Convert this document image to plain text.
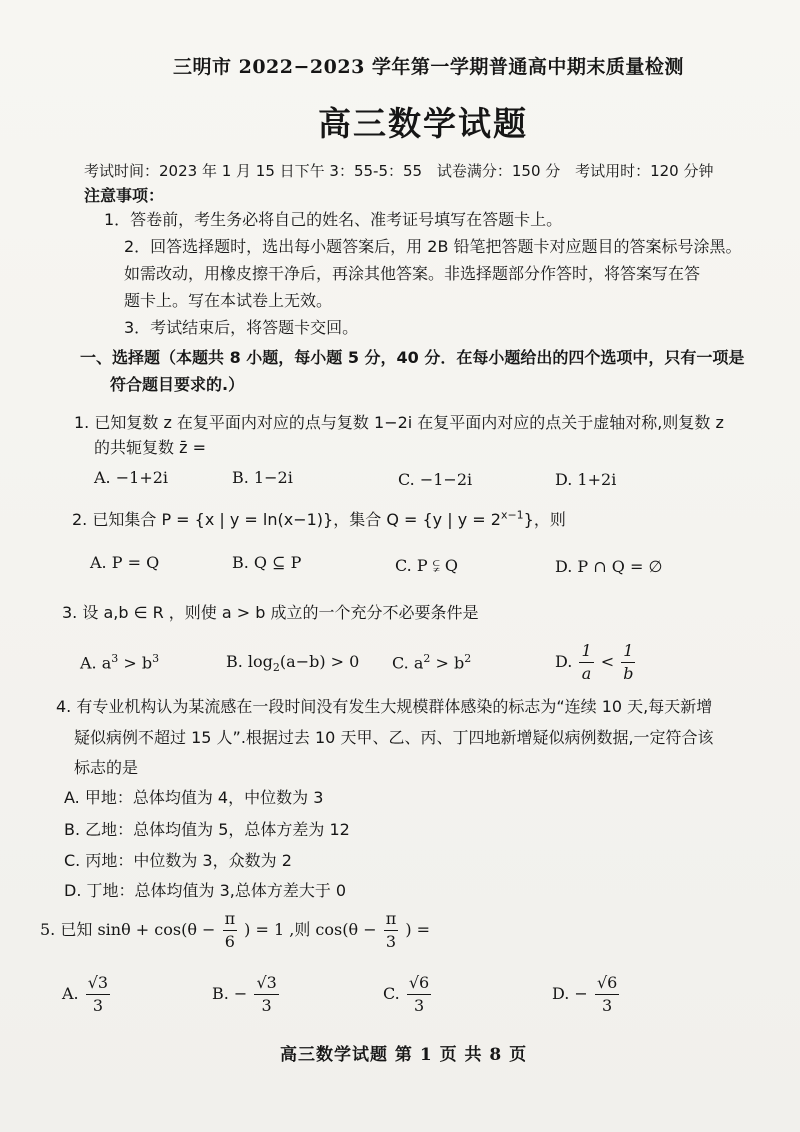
三明市 2022−2023 学年第一学期普通高中期末质量检测
高三数学试题
考试时间：2023 年 1 月 15 日下午 3：55-5：55 试卷满分：150 分 考试用时：120 分钟
注意事项：
1．答卷前，考生务必将自己的姓名、准考证号填写在答题卡上。
2．回答选择题时，选出每小题答案后，用 2B 铅笔把答题卡对应题目的答案标号涂黑。
如需改动，用橡皮擦干净后，再涂其他答案。非选择题部分作答时，将答案写在答
题卡上。写在本试卷上无效。
3．考试结束后，将答题卡交回。
一、选择题（本题共 8 小题，每小题 5 分，40 分．在每小题给出的四个选项中，只有一项是
符合题目要求的.）
1. 已知复数 z 在复平面内对应的点与复数 1−2i 在复平面内对应的点关于虚轴对称,则复数 z
的共轭复数 z̄ =
A. −1+2i	B. 1−2i	C. −1−2i	D. 1+2i
2. 已知集合 P = {x | y = ln(x−1)}，集合 Q = {y | $y = 2^{x-1}$}，则
A. P = Q	B. Q ⊆ P	C. P ⫋ Q	D. P ∩ Q = ∅
3. 设 a,b ∈ R ，则使 a > b 成立的一个充分不必要条件是
A. $a^3 > b^3$	B. $\log_2(a-b) > 0$ C. $a^2 > b^2$	D. $\frac{1}{a} < \frac{1}{b}$
4. 有专业机构认为某流感在一段时间没有发生大规模群体感染的标志为“连续 10 天,每天新增
疑似病例不超过 15 人”.根据过去 10 天甲、乙、丙、丁四地新增疑似病例数据,一定符合该
标志的是
A. 甲地：总体均值为 4，中位数为 3
B. 乙地：总体均值为 5，总体方差为 12
C. 丙地：中位数为 3，众数为 2
D. 丁地：总体均值为 3,总体方差大于 0
5. 已知 $\sin\theta + \cos(\theta - \frac{\pi}{6}$ ) = 1 ,则 $\cos(\theta - \frac{\pi}{3}$ ) =
A. $\frac{√3}{3}$	B. − $\frac{√3}{3}$	C. $\frac{√6}{3}$	D. − $\frac{√6}{3}$
高三数学试题 第 1 页 共 8 页
